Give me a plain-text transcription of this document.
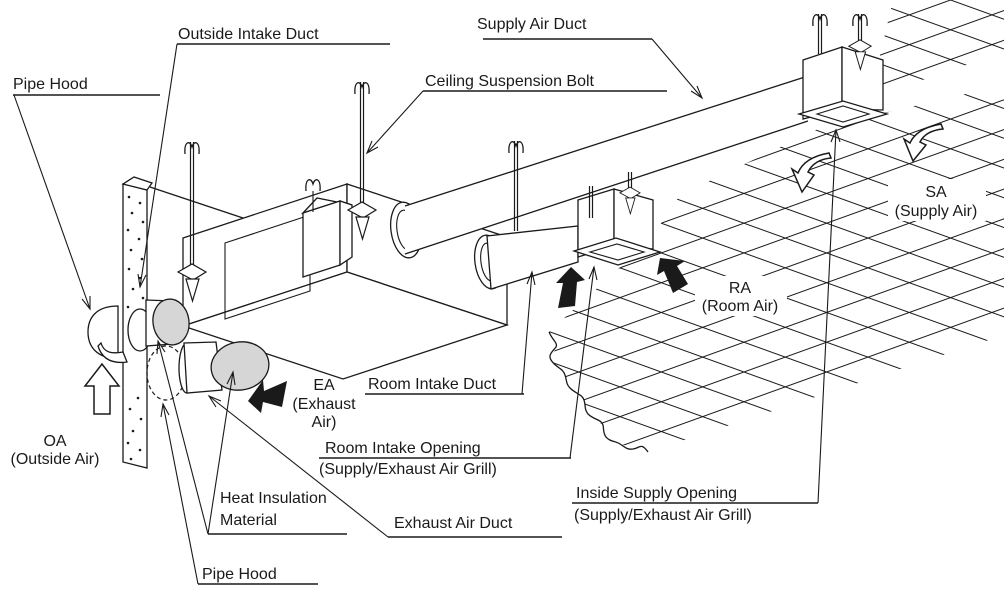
Pipe Hood
Outside Intake Duct
Supply Air Duct
Ceiling Suspension Bolt
SA
(Supply Air)
RA
(Room Air)
EA
(Exhaust
Air)
OA
(Outside Air)
Room Intake Duct
Room Intake Opening
(Supply/Exhaust Air Grill)
Inside Supply Opening
(Supply/Exhaust Air Grill)
Heat Insulation
Material	Exhaust Air Duct
Pipe Hood
